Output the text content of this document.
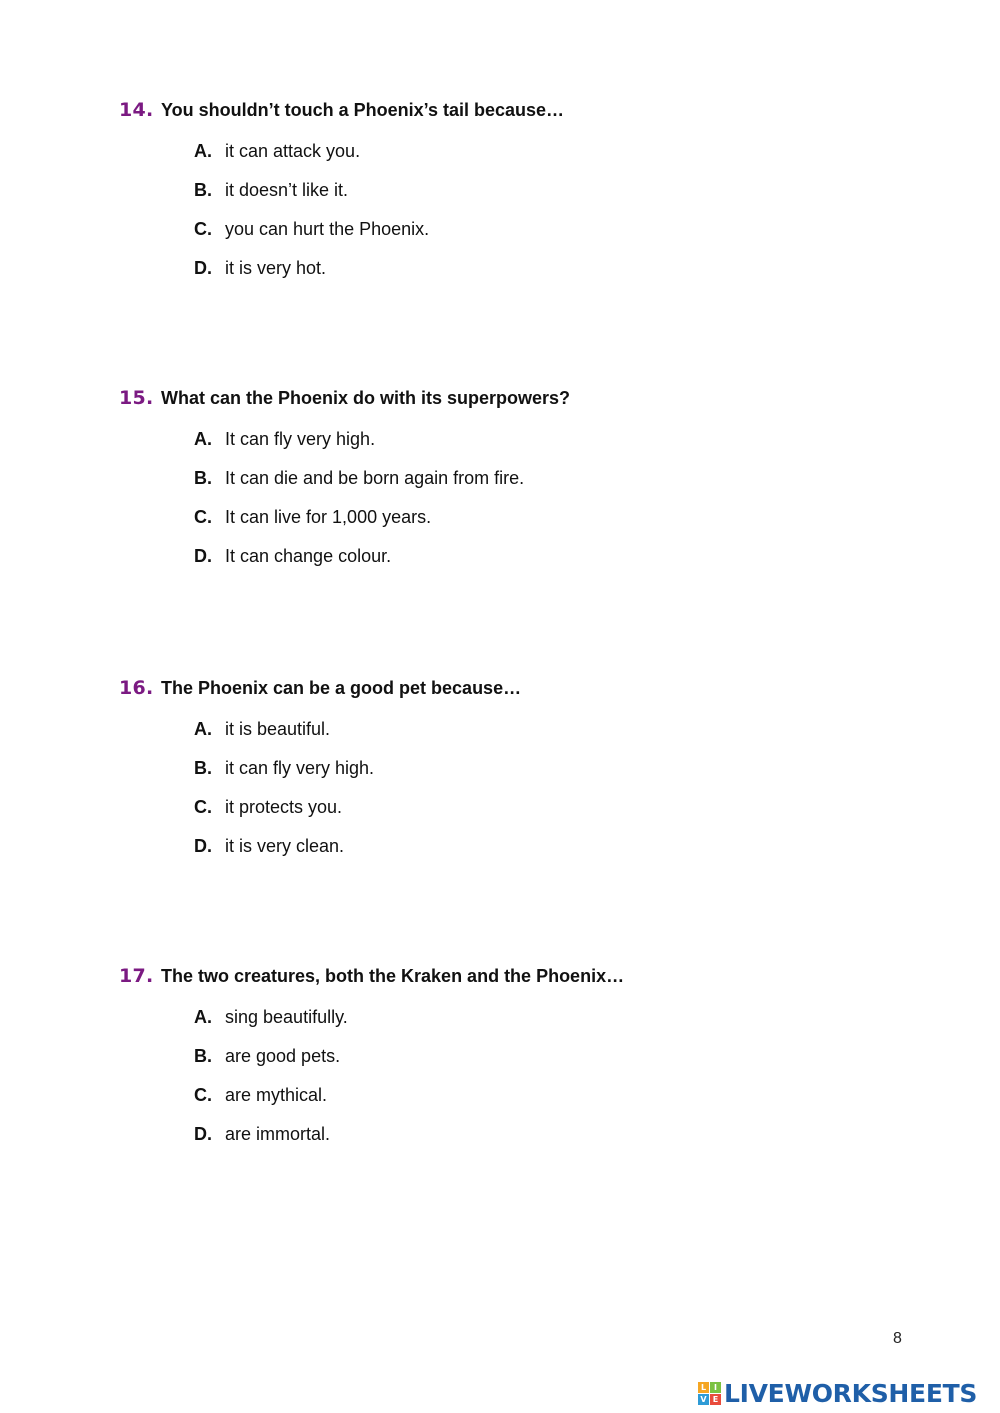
14. You shouldn’t touch a Phoenix’s tail because…
A. it can attack you.
B. it doesn’t like it.
C. you can hurt the Phoenix.
D. it is very hot.
15. What can the Phoenix do with its superpowers?
A. It can fly very high.
B. It can die and be born again from fire.
C. It can live for 1,000 years.
D. It can change colour.
16. The Phoenix can be a good pet because…
A. it is beautiful.
B. it can fly very high.
C. it protects you.
D. it is very clean.
17. The two creatures, both the Kraken and the Phoenix…
A. sing beautifully.
B. are good pets.
C. are mythical.
D. are immortal.
8
L I
V E LIVEWORKSHEETS
